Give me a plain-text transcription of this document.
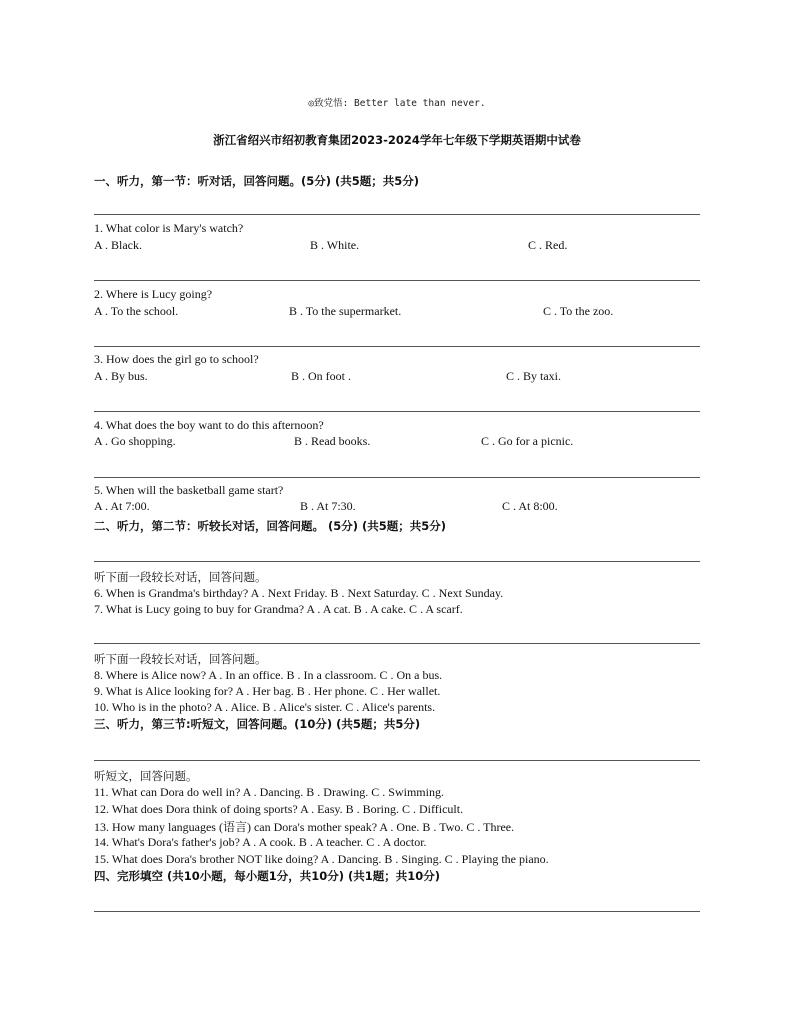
◎致党悟: Better late than never.
浙江省绍兴市绍初教育集团2023-2024学年七年级下学期英语期中试卷
一、听力，第一节：听对话，回答问题。(5分) (共5题；共5分)
1. What color is Mary's watch?
A . Black.	B . White.	C . Red.
2. Where is Lucy going?
A . To the school.	B . To the supermarket.	C . To the zoo.
3. How does the girl go to school?
A . By bus.	B . On foot .	C . By taxi.
4. What does the boy want to do this afternoon?
A . Go shopping.	B . Read books.	C . Go for a picnic.
5. When will the basketball game start?
A . At 7:00.	B . At 7:30.	C . At 8:00.
二、听力，第二节：听较长对话，回答问题。 (5分) (共5题；共5分)
听下面一段较长对话，回答问题。
6. When is Grandma's birthday? A . Next Friday. B . Next Saturday. C . Next Sunday.
7. What is Lucy going to buy for Grandma? A . A cat. B . A cake. C . A scarf.
听下面一段较长对话，回答问题。
8. Where is Alice now? A . In an office. B . In a classroom. C . On a bus.
9. What is Alice looking for? A . Her bag. B . Her phone. C . Her wallet.
10. Who is in the photo? A . Alice. B . Alice's sister. C . Alice's parents.
三、听力，第三节:听短文，回答问题。(10分) (共5题；共5分)
听短文，回答问题。
11. What can Dora do well in? A . Dancing. B . Drawing. C . Swimming.
12. What does Dora think of doing sports? A . Easy. B . Boring. C . Difficult.
13. How many languages (语言) can Dora's mother speak? A . One. B . Two. C . Three.
14. What's Dora's father's job? A . A cook. B . A teacher. C . A doctor.
15. What does Dora's brother NOT like doing? A . Dancing. B . Singing. C . Playing the piano.
四、完形填空 (共10小题，每小题1分，共10分) (共1题；共10分)
